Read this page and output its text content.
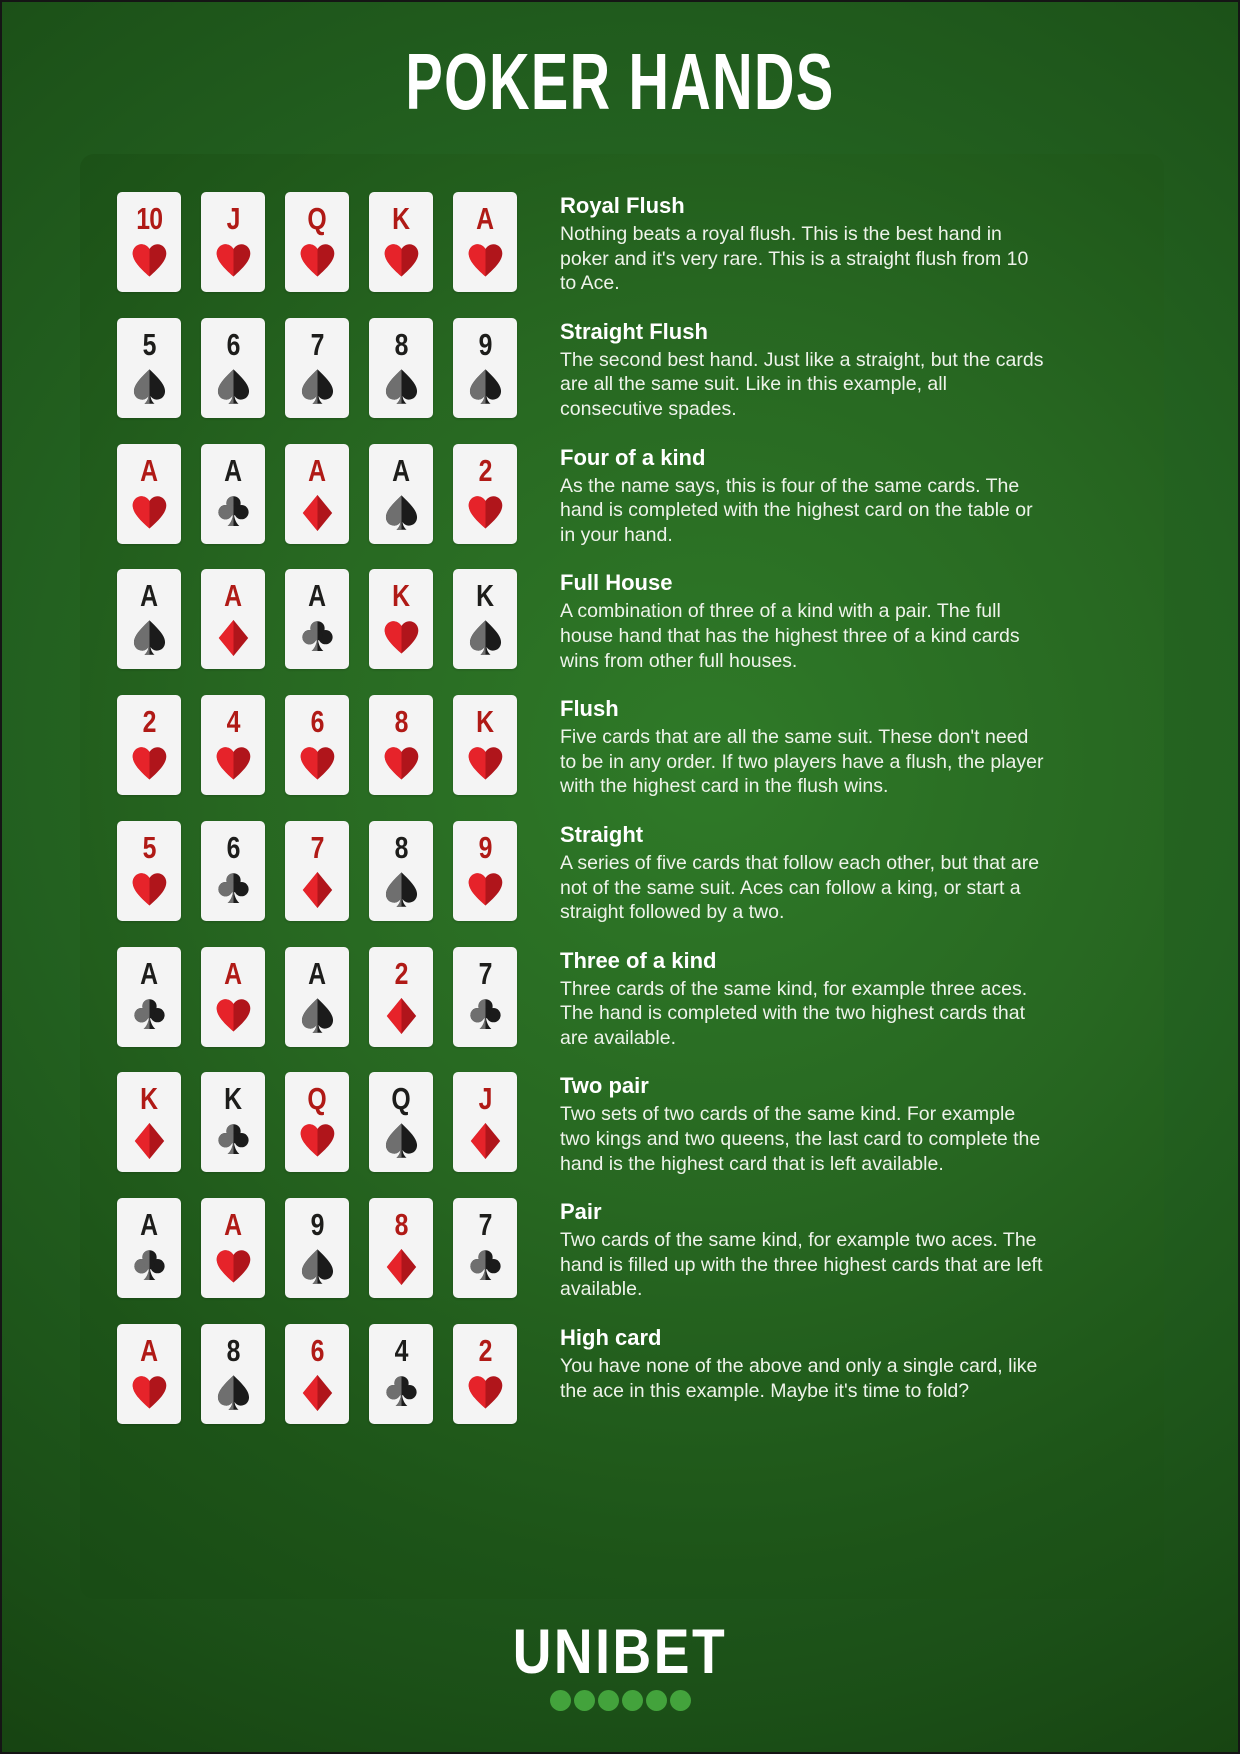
POKER HANDS
10 J Q K A	Royal Flush

Nothing beats a royal flush. This is the best hand in poker and it's very rare. This is a straight flush from 10 to Ace.

5 6 7 8 9	Straight Flush

The second best hand. Just like a straight, but the cards are all the same suit. Like in this example, all consecutive spades.

A A A A 2	Four of a kind

As the name says, this is four of the same cards. The hand is completed with the highest card on the table or in your hand.

A A A K K	Full House

A combination of three of a kind with a pair. The full house hand that has the highest three of a kind cards wins from other full houses.

2 4 6 8 K	Flush

Five cards that are all the same suit. These don't need to be in any order. If two players have a flush, the player with the highest card in the flush wins.

5 6 7 8 9	Straight

A series of five cards that follow each other, but that are not of the same suit. Aces can follow a king, or start a straight followed by a two.

A A A 2 7	Three of a kind

Three cards of the same kind, for example three aces. The hand is completed with the two highest cards that are available.

K K Q Q J	Two pair

Two sets of two cards of the same kind. For example two kings and two queens, the last card to complete the hand is the highest card that is left available.

A A 9 8 7	Pair

Two cards of the same kind, for example two aces. The hand is filled up with the three highest cards that are left available.

A 8 6 4 2	High card

You have none of the above and only a single card, like the ace in this example. Maybe it's time to fold?

UNIBET
